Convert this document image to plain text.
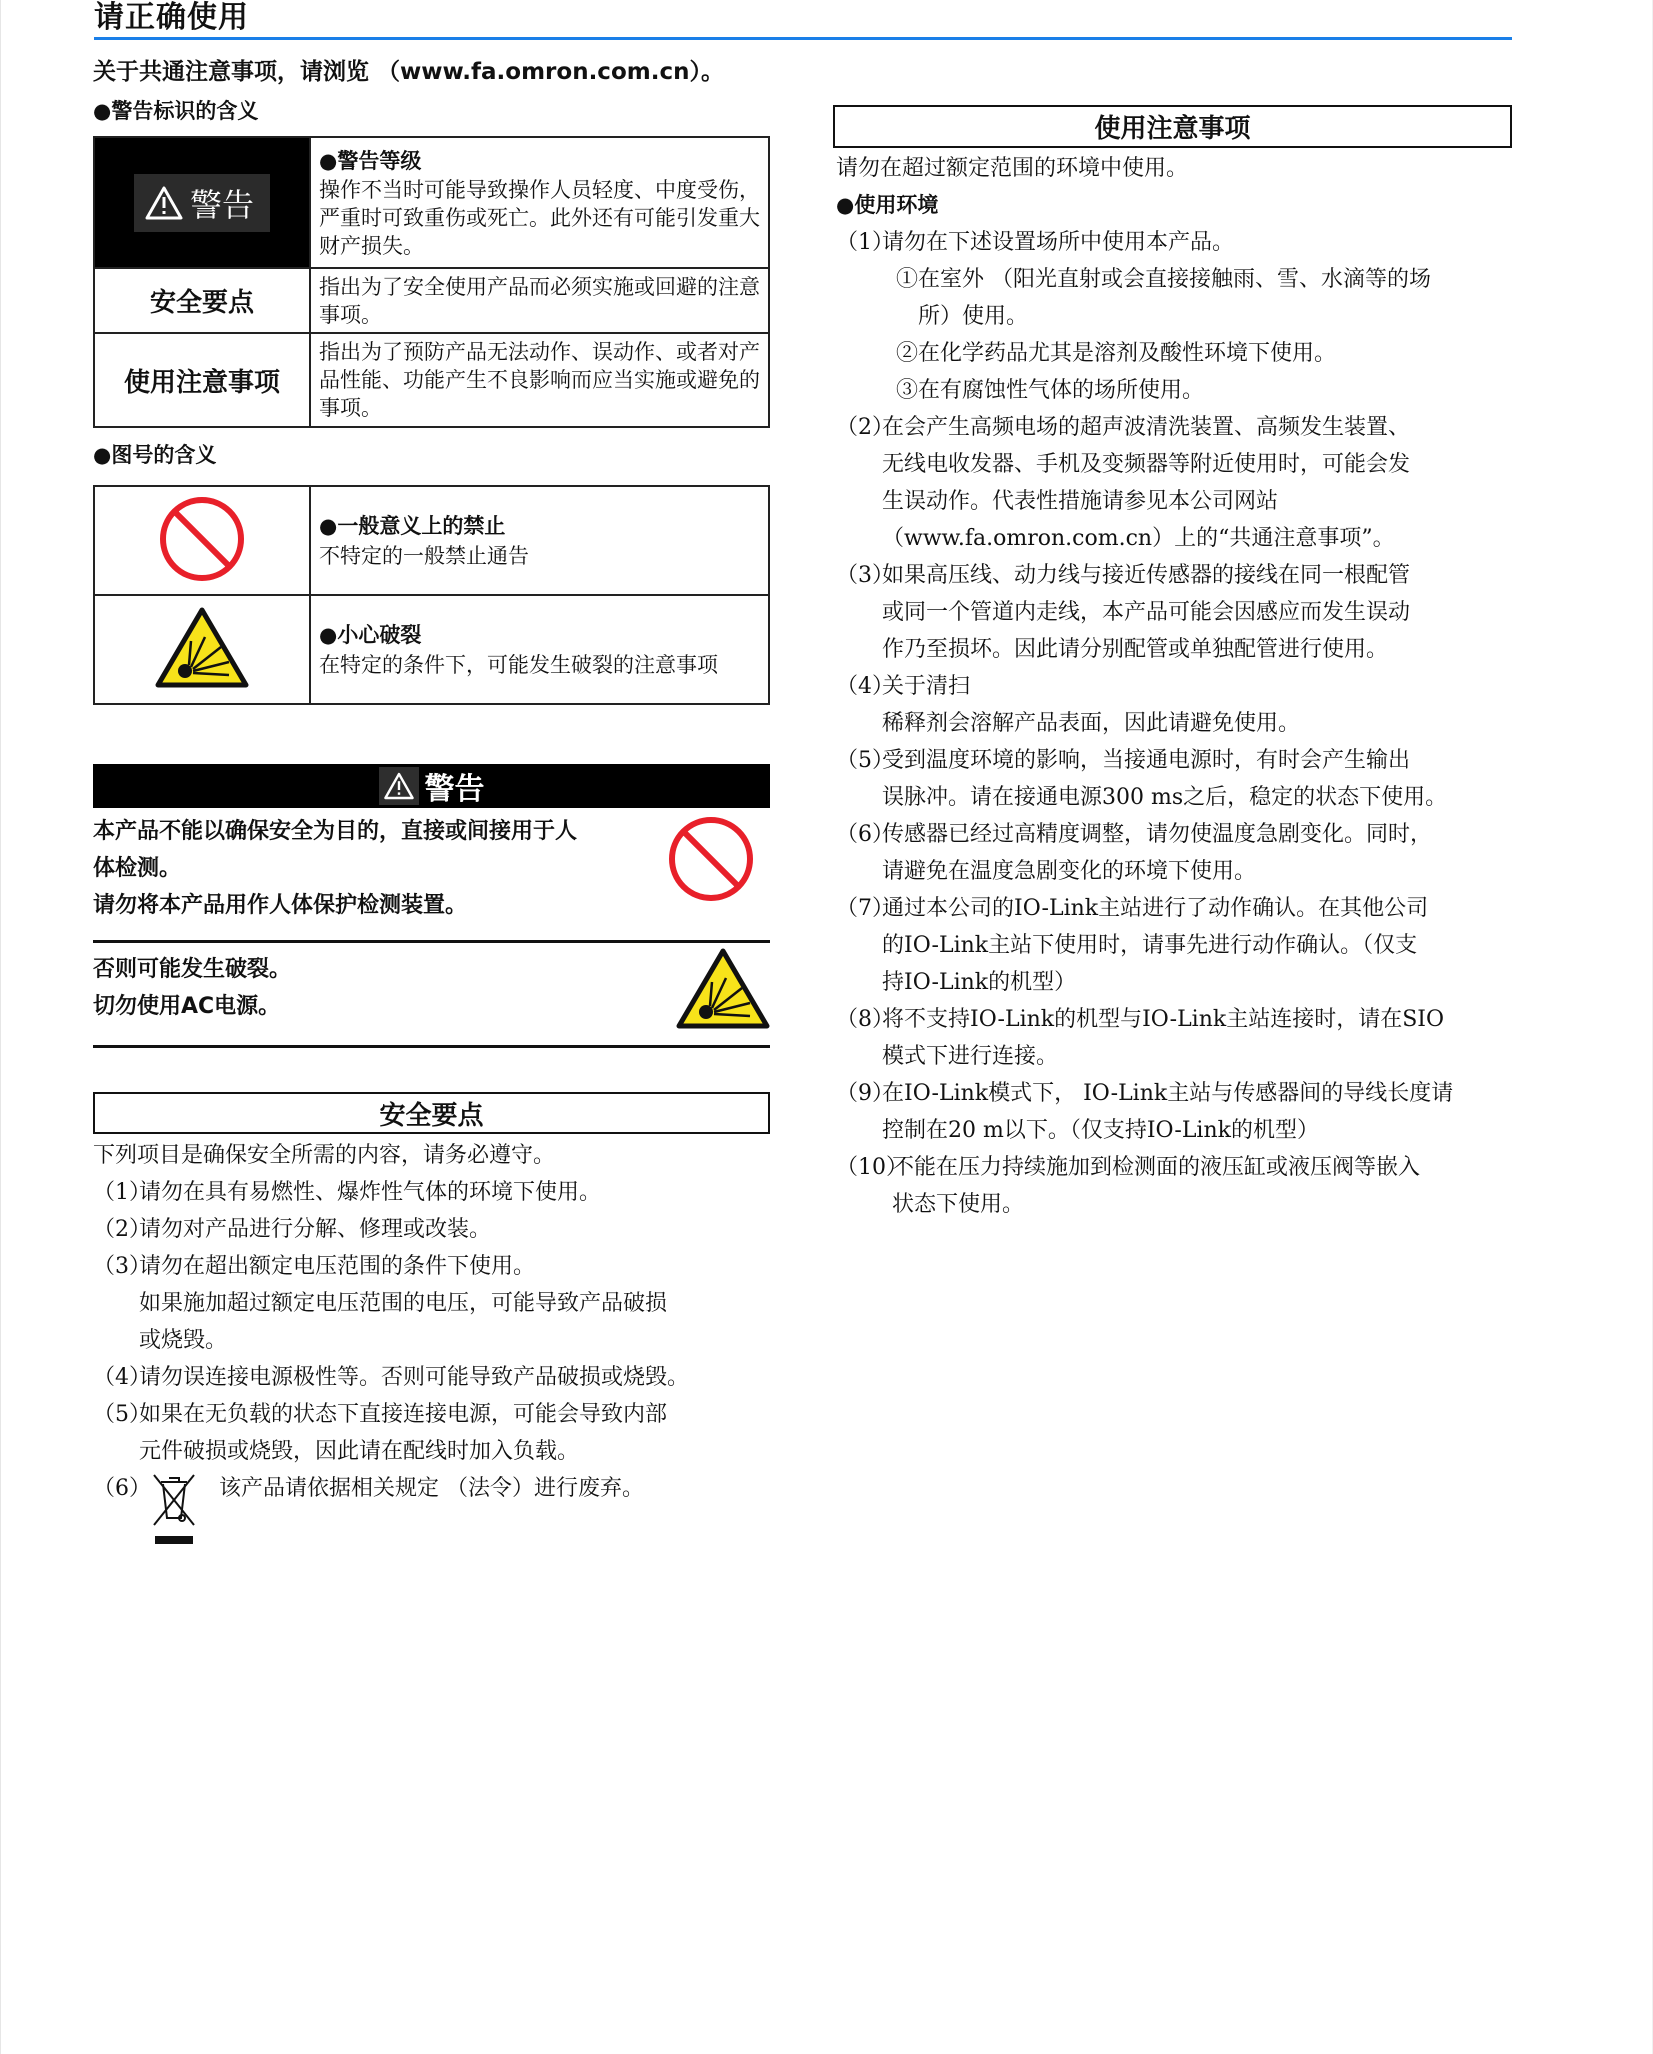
请正确使用
关于共通注意事项，请浏览 （www.fa.omron.com.cn）。
●警告标识的含义
警告	●警告等级
操作不当时可能导致操作人员轻度、中度受伤，严重时可致重伤或死亡。此外还有可能引发重大财产损失。

安全要点	指出为了安全使用产品而必须实施或回避的注意事项。
使用注意事项	指出为了预防产品无法动作、误动作、或者对产品性能、功能产生不良影响而应当实施或避免的事项。
●图号的含义

●一般意义上的禁止
不特定的一般禁止通告

●小心破裂
在特定的条件下，可能发生破裂的注意事项
警告
本产品不能以确保安全为目的，直接或间接用于人
体检测。
请勿将本产品用作人体保护检测装置。
否则可能发生破裂。
切勿使用AC电源。
安全要点
下列项目是确保安全所需的内容，请务必遵守。
（1）
请勿在具有易燃性、爆炸性气体的环境下使用。
（2）
请勿对产品进行分解、修理或改装。
（3）
请勿在超出额定电压范围的条件下使用。
如果施加超过额定电压范围的电压，可能导致产品破损
或烧毁。
（4）
请勿误连接电源极性等。否则可能导致产品破损或烧毁。
（5）
如果在无负载的状态下直接连接电源，可能会导致内部
元件破损或烧毁，因此请在配线时加入负载。
（6）	该产品请依据相关规定 （法令）进行废弃。
使用注意事项
请勿在超过额定范围的环境中使用。
●使用环境
（1）
请勿在下述设置场所中使用本产品。
①在室外 （阳光直射或会直接接触雨、雪、水滴等的场
所）使用。
②在化学药品尤其是溶剂及酸性环境下使用。
③在有腐蚀性气体的场所使用。
（2）
在会产生高频电场的超声波清洗装置、高频发生装置、
无线电收发器、手机及变频器等附近使用时，可能会发
生误动作。代表性措施请参见本公司网站
（www.fa.omron.com.cn）上的“共通注意事项”。
（3）
如果高压线、动力线与接近传感器的接线在同一根配管
或同一个管道内走线，本产品可能会因感应而发生误动
作乃至损坏。因此请分别配管或单独配管进行使用。
（4）
关于清扫
稀释剂会溶解产品表面，因此请避免使用。
（5）
受到温度环境的影响，当接通电源时，有时会产生输出
误脉冲。请在接通电源300 ms之后，稳定的状态下使用。
（6）
传感器已经过高精度调整，请勿使温度急剧变化。同时，
请避免在温度急剧变化的环境下使用。
（7）
通过本公司的IO-Link主站进行了动作确认。在其他公司
的IO-Link主站下使用时，请事先进行动作确认。（仅支
持IO-Link的机型）
（8）
将不支持IO-Link的机型与IO-Link主站连接时，请在SIO
模式下进行连接。
（9）
在IO-Link模式下， IO-Link主站与传感器间的导线长度请
控制在20 m以下。（仅支持IO-Link的机型）
（10）
不能在压力持续施加到检测面的液压缸或液压阀等嵌入
状态下使用。
